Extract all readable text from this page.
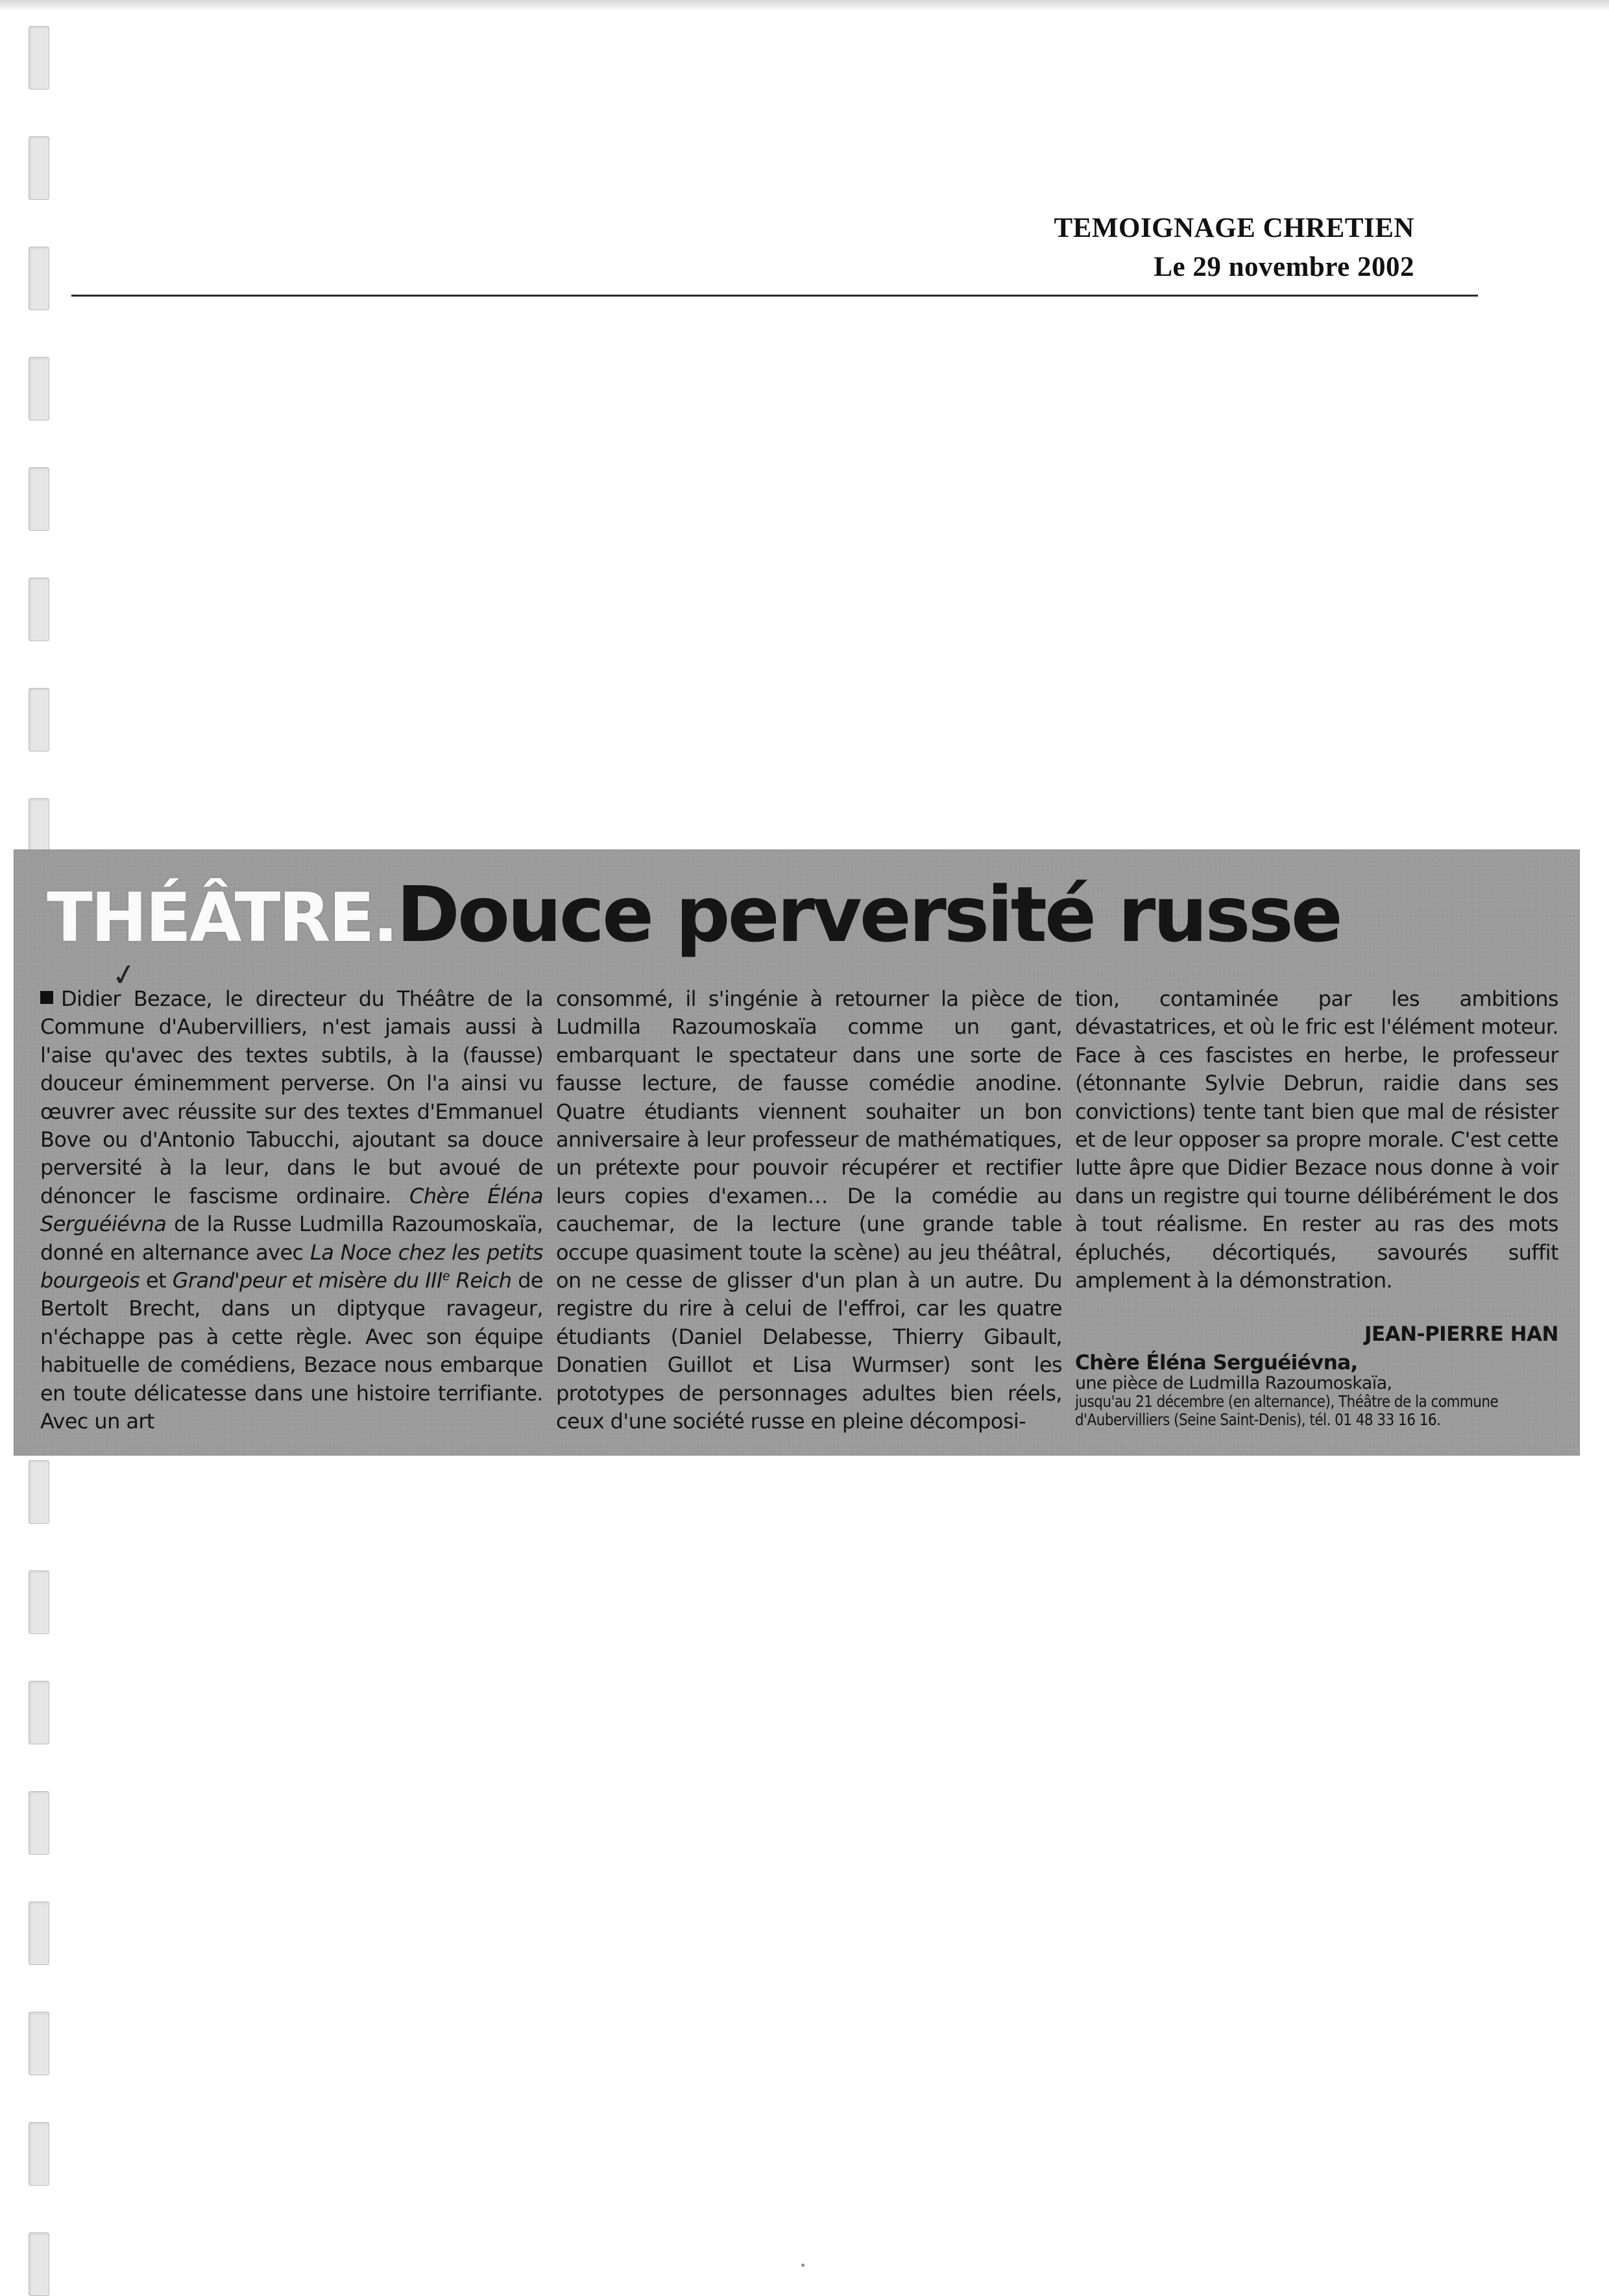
TEMOIGNAGE CHRETIEN
Le 29 novembre 2002
THÉÂTRE.Douce perversité russe
✓
Didier Bezace, le directeur du Théâtre de la Commune d'Aubervilliers, n'est jamais aussi à l'aise qu'avec des textes subtils, à la (fausse) douceur éminemment perverse. On l'a ainsi vu œuvrer avec réussite sur des textes d'Emmanuel Bove ou d'Antonio Tabucchi, ajoutant sa douce perversité à la leur, dans le but avoué de dénoncer le fascisme ordinaire. Chère Éléna Serguéiévna de la Russe Ludmilla Razoumoskaïa, donné en alternance avec La Noce chez les petits bourgeois et Grand'peur et misère du IIIe Reich de Bertolt Brecht, dans un diptyque ravageur, n'échappe pas à cette règle. Avec son équipe habituelle de comédiens, Bezace nous embarque en toute délicatesse dans une histoire terrifiante. Avec un art
consommé, il s'ingénie à retourner la pièce de Ludmilla Razoumoskaïa comme un gant, embarquant le spectateur dans une sorte de fausse lecture, de fausse comédie anodine. Quatre étudiants viennent souhaiter un bon anniversaire à leur professeur de mathématiques, un prétexte pour pouvoir récupérer et rectifier leurs copies d'examen… De la comédie au cauchemar, de la lecture (une grande table occupe quasiment toute la scène) au jeu théâtral, on ne cesse de glisser d'un plan à un autre. Du registre du rire à celui de l'effroi, car les quatre étudiants (Daniel Delabesse, Thierry Gibault, Donatien Guillot et Lisa Wurmser) sont les prototypes de personnages adultes bien réels, ceux d'une société russe en pleine décomposi-
tion, contaminée par les ambitions dévastatrices, et où le fric est l'élément moteur. Face à ces fascistes en herbe, le professeur (étonnante Sylvie Debrun, raidie dans ses convictions) tente tant bien que mal de résister et de leur opposer sa propre morale. C'est cette lutte âpre que Didier Bezace nous donne à voir dans un registre qui tourne délibérément le dos à tout réalisme. En rester au ras des mots épluchés, décortiqués, savourés suffit amplement à la démonstration.
JEAN-PIERRE HAN
Chère Éléna Serguéiévna,
une pièce de Ludmilla Razoumoskaïa,
jusqu'au 21 décembre (en alternance), Théâtre de la commune
d'Aubervilliers (Seine Saint-Denis), tél. 01 48 33 16 16.
